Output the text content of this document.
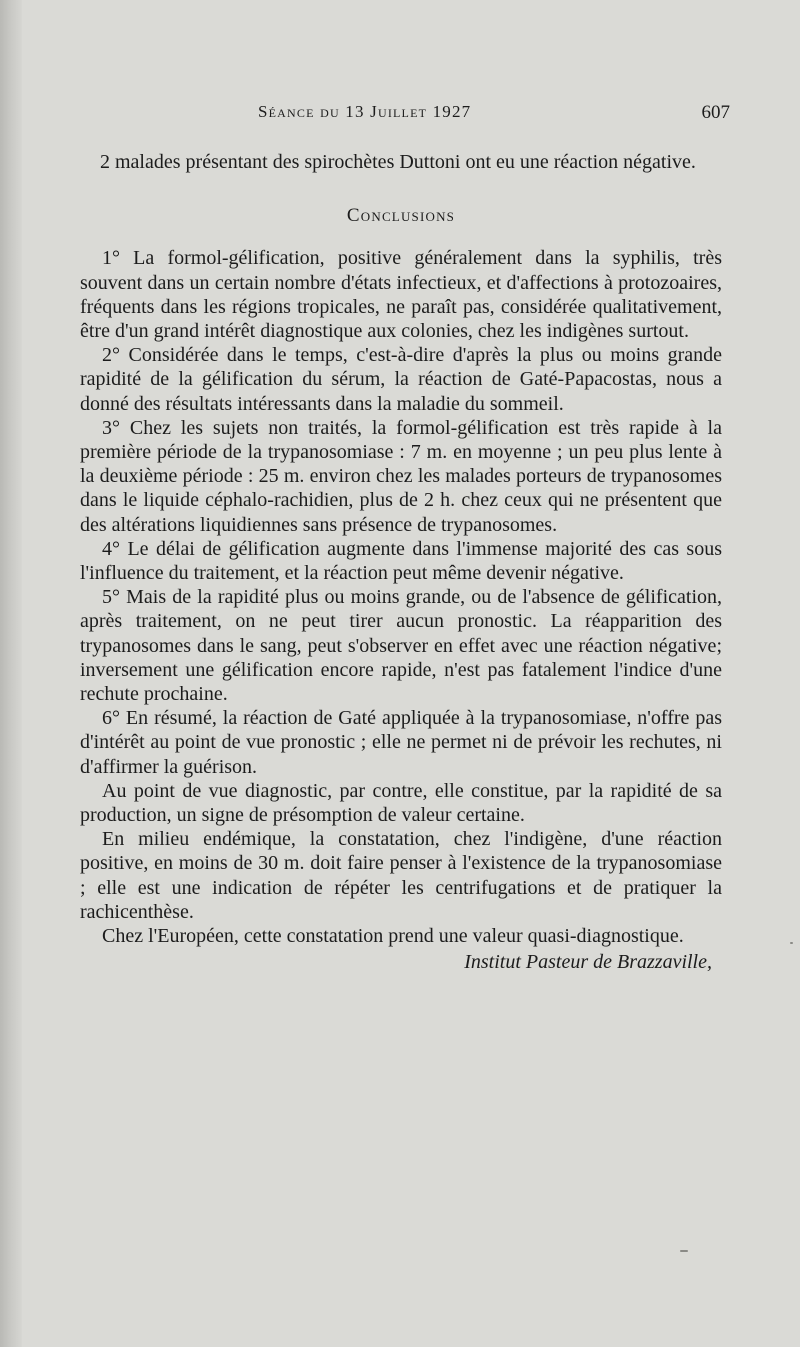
Séance du 13 Juillet 1927	607

2 malades présentant des spirochètes Duttoni ont eu une réaction négative.

Conclusions

1° La formol-gélification, positive généralement dans la syphilis, très souvent dans un certain nombre d'états infectieux, et d'affections à protozoaires, fréquents dans les régions tropicales, ne paraît pas, considérée qualitativement, être d'un grand intérêt diagnostique aux colonies, chez les indigènes surtout.

2° Considérée dans le temps, c'est-à-dire d'après la plus ou moins grande rapidité de la gélification du sérum, la réaction de Gaté-Papacostas, nous a donné des résultats intéressants dans la maladie du sommeil.

3° Chez les sujets non traités, la formol-gélification est très rapide à la première période de la trypanosomiase : 7 m. en moyenne ; un peu plus lente à la deuxième période : 25 m. environ chez les malades porteurs de trypanosomes dans le liquide céphalo-rachidien, plus de 2 h. chez ceux qui ne présentent que des altérations liquidiennes sans présence de trypanosomes.

4° Le délai de gélification augmente dans l'immense majorité des cas sous l'influence du traitement, et la réaction peut même devenir négative.

5° Mais de la rapidité plus ou moins grande, ou de l'absence de gélification, après traitement, on ne peut tirer aucun pronostic. La réapparition des trypanosomes dans le sang, peut s'observer en effet avec une réaction négative; inversement une gélification encore rapide, n'est pas fatalement l'indice d'une rechute prochaine.

6° En résumé, la réaction de Gaté appliquée à la trypanosomiase, n'offre pas d'intérêt au point de vue pronostic ; elle ne permet ni de prévoir les rechutes, ni d'affirmer la guérison.

Au point de vue diagnostic, par contre, elle constitue, par la rapidité de sa production, un signe de présomption de valeur certaine.

En milieu endémique, la constatation, chez l'indigène, d'une réaction positive, en moins de 30 m. doit faire penser à l'existence de la trypanosomiase ; elle est une indication de répéter les centrifugations et de pratiquer la rachicenthèse.

Chez l'Européen, cette constatation prend une valeur quasi-diagnostique.

Institut Pasteur de Brazzaville,
